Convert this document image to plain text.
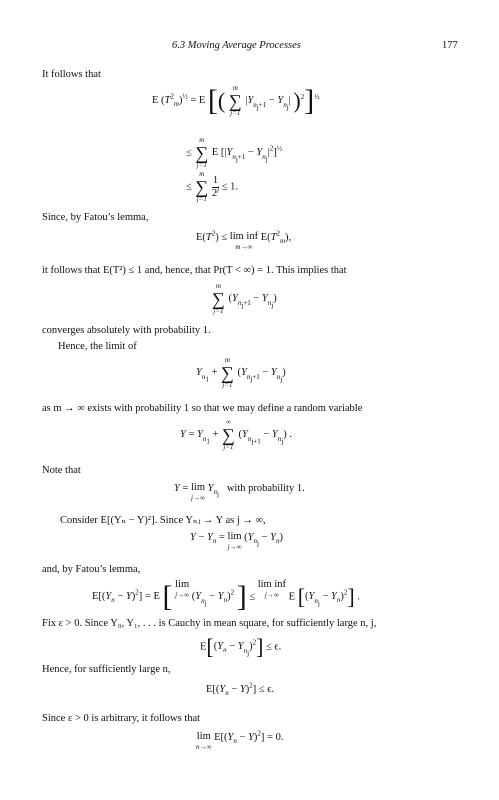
6.3 Moving Average Processes	177
It follows that
E $(T^2_m)^{\frac{1}{2}} = E$ [(	m
∑
j=1
$|Y_{n_j+1} - Y_{n_j}|$ )$^2$]$^{\frac{1}{2}}$
≤
m
∑
j=1
E $[|Y_{n_j+1} - Y_{n_j}|^2]^{\frac{1}{2}}$
≤
m
∑
j=1

$\frac{1}{2^j} \le 1$.
Since, by Fatou’s lemma,
$E(T^2) \le \lim$ inf
m→∞
$E(T^2_m)$,
it follows that E(T²) ≤ 1 and, hence, that Pr(T < ∞) = 1. This implies that
m
∑
j=1
$(Y_{n_j+1} - Y_{n_j})$
converges absolutely with probability 1.
Hence, the limit of
$Y_{n_1}$ +
m
∑
j=1
$(Y_{n_j+1} - Y_{n_j})$
as m → ∞ exists with probability 1 so that we may define a random variable
$Y = Y_{n_1}$ +
∞
∑
j=1
$(Y_{n_{j+1}} - Y_{n_j})$ .
Note that
Y = lim
j→∞
$Y_{n_j}$   with probability 1.
Consider E[(Yₙ − Y)²]. Since Yₙⱼ → Y as j → ∞,
$Y - Y_n = \lim$
j→∞
$(Y_{n_j} - Y_n)$
and, by Fatou’s lemma,
$E[(Y_n - Y)^2] = E$ [ lim
j→∞ $(Y_{n_j} - Y_n)^2$ ] ≤ lim inf
j→∞ E $[(Y_{n_j} - Y_n)^2]$ .
Fix ε > 0. Since Y₀, Y₁, . . . is Cauchy in mean square, for sufficiently large n, j,
$E[(Y_n - Y_{n_j})^2] \le \epsilon$.
Hence, for sufficiently large n,
$E[(Y_n - Y)^2] \le \epsilon$.
Since ε > 0 is arbitrary, it follows that
lim
n→∞
$E[(Y_n - Y)^2] = 0$.
